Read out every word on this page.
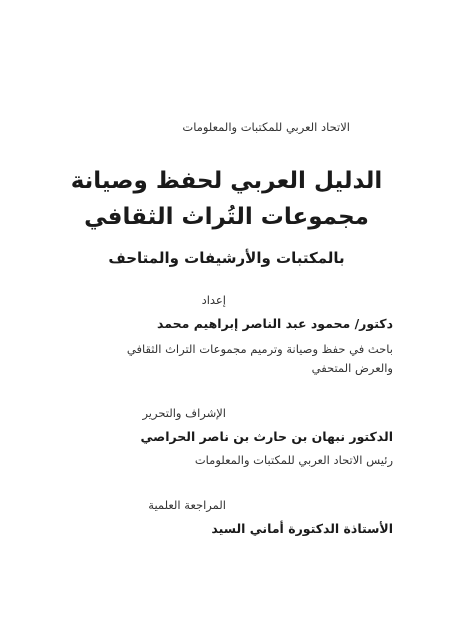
الاتحاد العربي للمكتبات والمعلومات
الدليل العربي لحفظ وصيانة
مجموعات التُراث الثقافي
بالمكتبات والأرشيفات والمتاحف
إعداد
دكتور/ محمود عبد الناصر إبراهيم محمد
باحث في حفظ وصيانة وترميم مجموعات التراث الثقافي
والعرض المتحفي
الإشراف والتحرير
الدكتور نبهان بن حارث بن ناصر الحراصي
رئيس الاتحاد العربي للمكتبات والمعلومات
المراجعة العلمية
الأستاذة الدكتورة أماني السيد
